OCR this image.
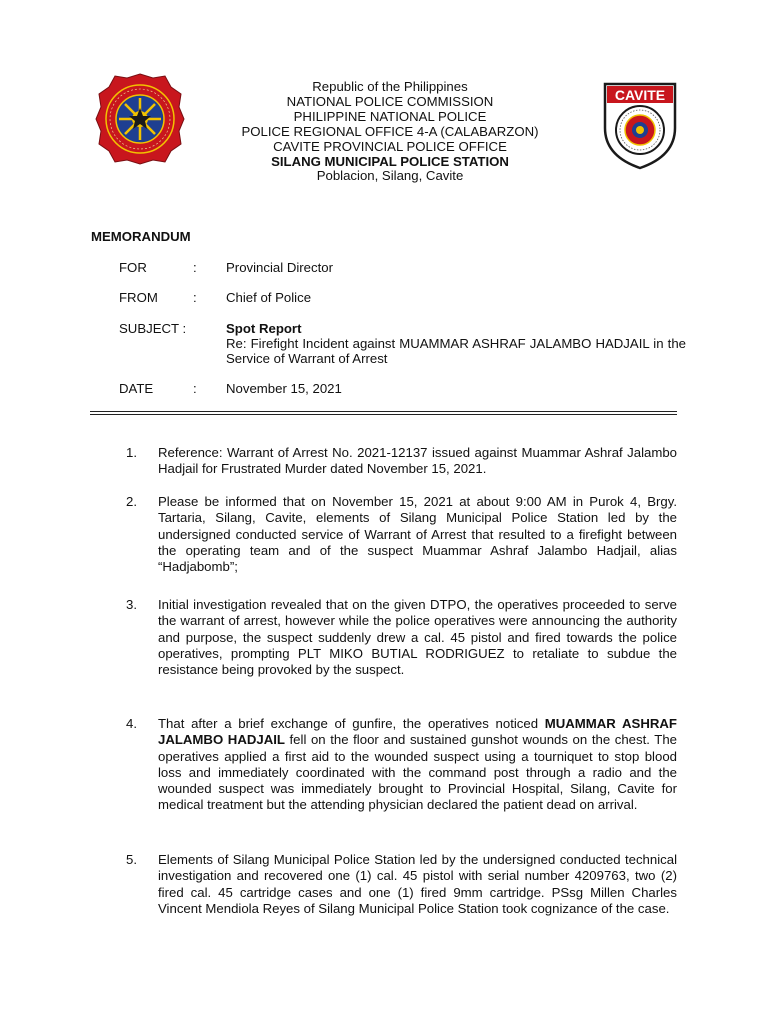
CAVITE
Republic of the Philippines
NATIONAL POLICE COMMISSION
PHILIPPINE NATIONAL POLICE
POLICE REGIONAL OFFICE 4-A (CALABARZON)
CAVITE PROVINCIAL POLICE OFFICE
SILANG MUNICIPAL POLICE STATION
Poblacion, Silang, Cavite
MEMORANDUM
FOR	: Provincial Director
FROM	: Chief of Police
SUBJECT :	Spot Report
Re: Firefight Incident against MUAMMAR ASHRAF JALAMBO HADJAIL in the Service of Warrant of Arrest
DATE	: November 15, 2021
1. Reference: Warrant of Arrest No. 2021-12137 issued against Muammar Ashraf Jalambo Hadjail for Frustrated Murder dated November 15, 2021.
2. Please be informed that on November 15, 2021 at about 9:00 AM in Purok 4, Brgy. Tartaria, Silang, Cavite, elements of Silang Municipal Police Station led by the undersigned conducted service of Warrant of Arrest that resulted to a firefight between the operating team and of the suspect Muammar Ashraf Jalambo Hadjail, alias “Hadjabomb”;
3. Initial investigation revealed that on the given DTPO, the operatives proceeded to serve the warrant of arrest, however while the police operatives were announcing the authority and purpose, the suspect suddenly drew a cal. 45 pistol and fired towards the police operatives, prompting PLT MIKO BUTIAL RODRIGUEZ to retaliate to subdue the resistance being provoked by the suspect.
4. That after a brief exchange of gunfire, the operatives noticed MUAMMAR ASHRAF JALAMBO HADJAIL fell on the floor and sustained gunshot wounds on the chest. The operatives applied a first aid to the wounded suspect using a tourniquet to stop blood loss and immediately coordinated with the command post through a radio and the wounded suspect was immediately brought to Provincial Hospital, Silang, Cavite for medical treatment but the attending physician declared the patient dead on arrival.
5. Elements of Silang Municipal Police Station led by the undersigned conducted technical investigation and recovered one (1) cal. 45 pistol with serial number 4209763, two (2) fired cal. 45 cartridge cases and one (1) fired 9mm cartridge. PSsg Millen Charles Vincent Mendiola Reyes of Silang Municipal Police Station took cognizance of the case.
